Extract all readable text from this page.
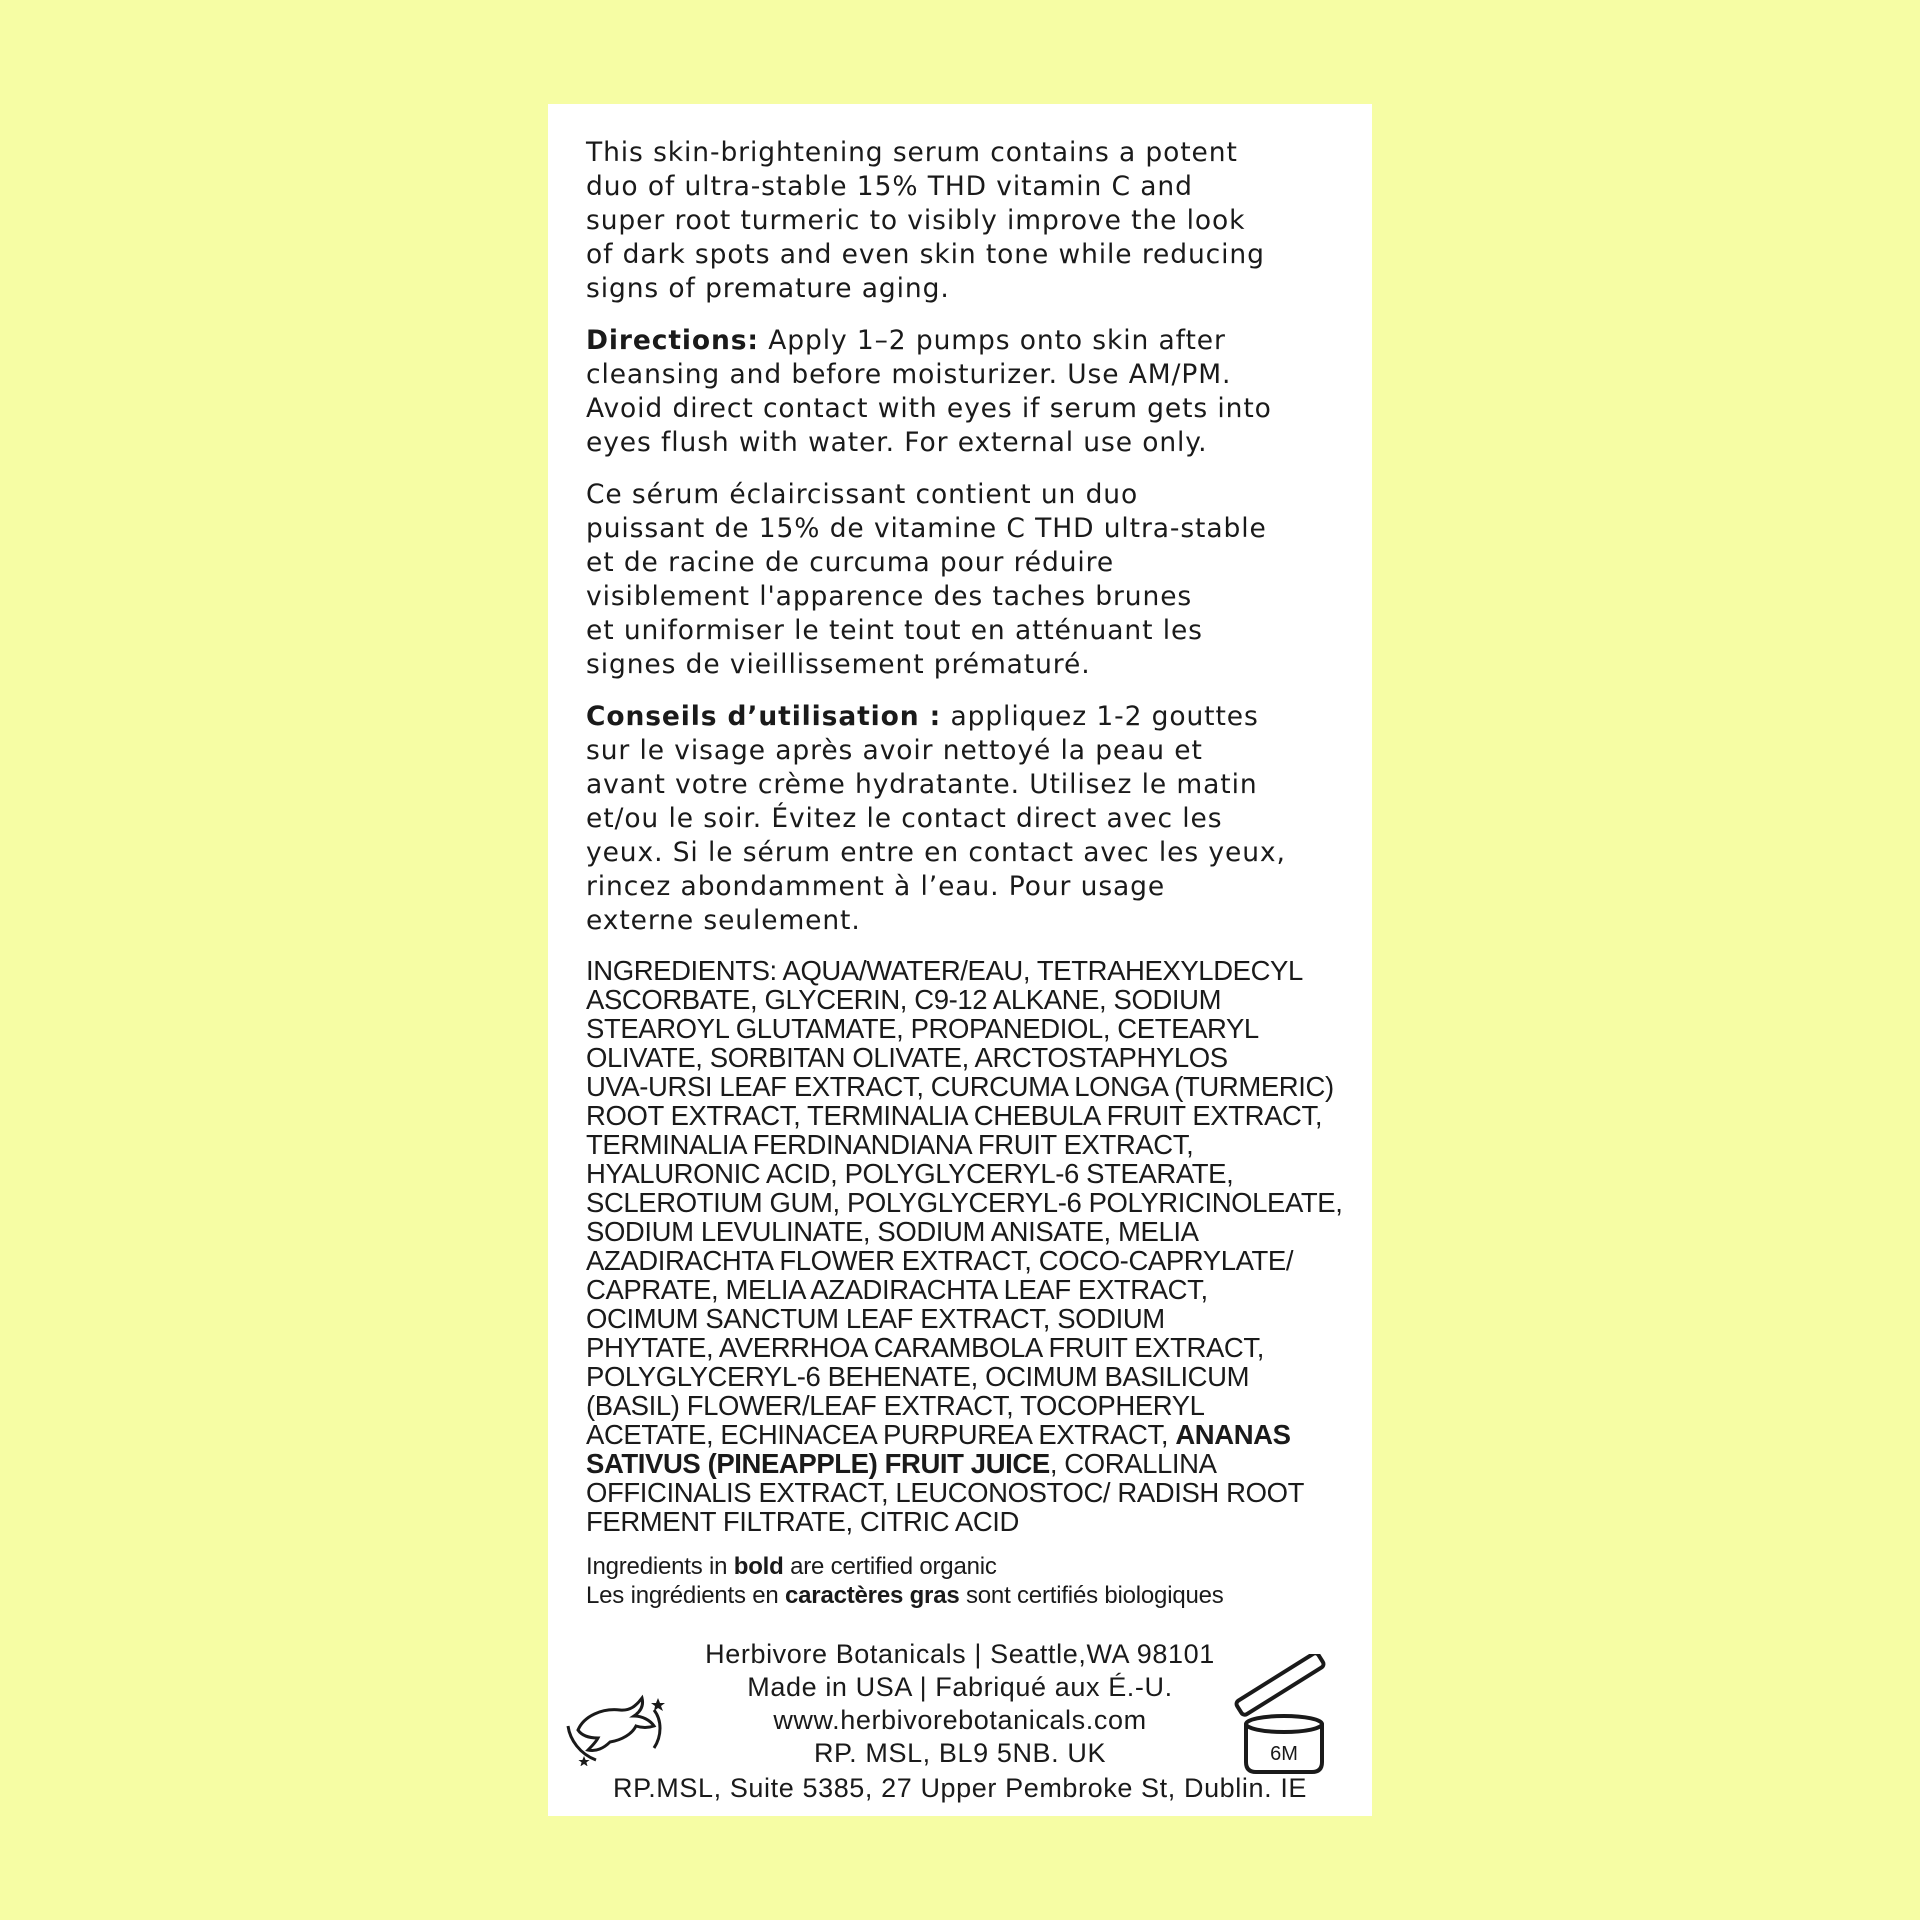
This skin-brightening serum contains a potent
duo of ultra-stable 15% THD vitamin C and
super root turmeric to visibly improve the look
of dark spots and even skin tone while reducing
signs of premature aging.

Directions: Apply 1–2 pumps onto skin after
cleansing and before moisturizer. Use AM/PM.
Avoid direct contact with eyes if serum gets into
eyes flush with water. For external use only.

Ce sérum éclaircissant contient un duo
puissant de 15% de vitamine C THD ultra-stable
et de racine de curcuma pour réduire
visiblement l'apparence des taches brunes
et uniformiser le teint tout en atténuant les
signes de vieillissement prématuré.

Conseils d’utilisation : appliquez 1-2 gouttes
sur le visage après avoir nettoyé la peau et
avant votre crème hydratante. Utilisez le matin
et/ou le soir. Évitez le contact direct avec les
yeux. Si le sérum entre en contact avec les yeux,
rincez abondamment à l’eau. Pour usage
externe seulement.

INGREDIENTS: AQUA/WATER/EAU, TETRAHEXYLDECYL
ASCORBATE, GLYCERIN, C9-12 ALKANE, SODIUM
STEAROYL GLUTAMATE, PROPANEDIOL, CETEARYL
OLIVATE, SORBITAN OLIVATE, ARCTOSTAPHYLOS
UVA-URSI LEAF EXTRACT, CURCUMA LONGA (TURMERIC)
ROOT EXTRACT, TERMINALIA CHEBULA FRUIT EXTRACT,
TERMINALIA FERDINANDIANA FRUIT EXTRACT,
HYALURONIC ACID, POLYGLYCERYL-6 STEARATE,
SCLEROTIUM GUM, POLYGLYCERYL-6 POLYRICINOLEATE,
SODIUM LEVULINATE, SODIUM ANISATE, MELIA
AZADIRACHTA FLOWER EXTRACT, COCO-CAPRYLATE/
CAPRATE, MELIA AZADIRACHTA LEAF EXTRACT,
OCIMUM SANCTUM LEAF EXTRACT, SODIUM
PHYTATE, AVERRHOA CARAMBOLA FRUIT EXTRACT,
POLYGLYCERYL-6 BEHENATE, OCIMUM BASILICUM
(BASIL) FLOWER/LEAF EXTRACT, TOCOPHERYL
ACETATE, ECHINACEA PURPUREA EXTRACT, ANANAS
SATIVUS (PINEAPPLE) FRUIT JUICE, CORALLINA
OFFICINALIS EXTRACT, LEUCONOSTOC/ RADISH ROOT
FERMENT FILTRATE, CITRIC ACID
Ingredients in bold are certified organic
Les ingrédients en caractères gras sont certifiés biologiques
Herbivore Botanicals | Seattle,WA 98101
Made in USA | Fabriqué aux É.-U.
www.herbivorebotanicals.com
RP. MSL, BL9 5NB. UK
RP.MSL, Suite 5385, 27 Upper Pembroke St, Dublin. IE
6M
